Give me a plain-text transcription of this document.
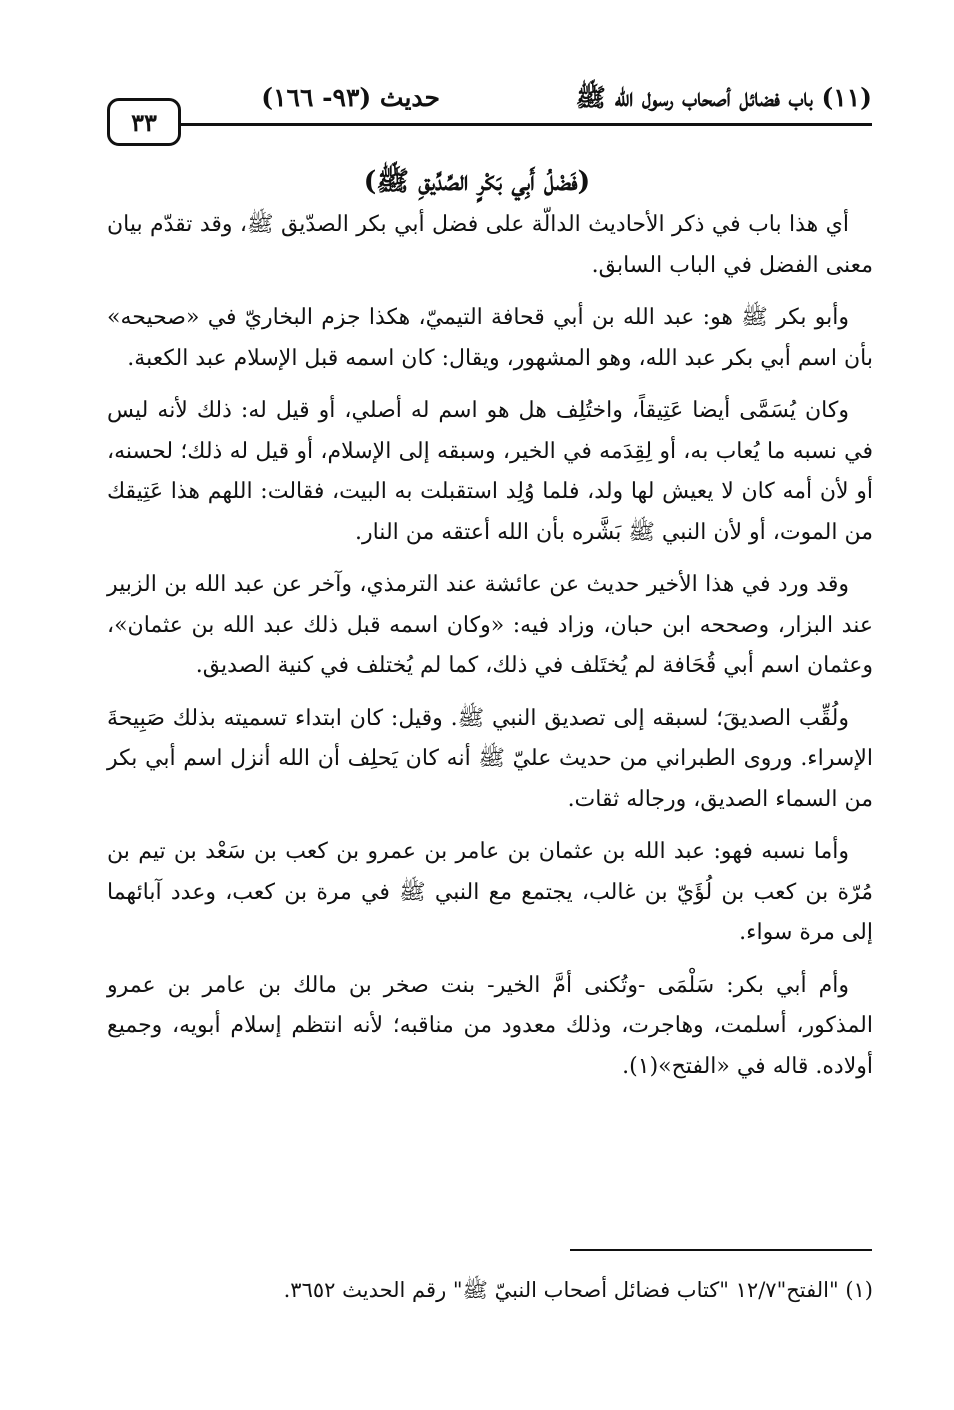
(١١) باب فضائل أصحاب رسول الله ﷺ
حديث (٩٣- ١٦٦)
٣٣
(فَضْلُ أَبِي بَكْرٍ الصِّدِّيقِ ﷺ)

أي هذا باب في ذكر الأحاديث الدالّة على فضل أبي بكر الصدّيق ﷺ، وقد تقدّم بيان معنى الفضل في الباب السابق.

وأبو بكر ﷺ هو: عبد الله بن أبي قحافة التيميّ، هكذا جزم البخاريّ في «صحيحه» بأن اسم أبي بكر عبد الله، وهو المشهور، ويقال: كان اسمه قبل الإسلام عبد الكعبة.

وكان يُسَمَّى أيضا عَتِيقاً، واختُلِف هل هو اسم له أصلي، أو قيل له: ذلك لأنه ليس في نسبه ما يُعاب به، أو لِقِدَمه في الخير، وسبقه إلى الإسلام، أو قيل له ذلك؛ لحسنه، أو لأن أمه كان لا يعيش لها ولد، فلما وُلِد استقبلت به البيت، فقالت: اللهم هذا عَتِيقك من الموت، أو لأن النبي ﷺ بَشَّره بأن الله أعتقه من النار.

وقد ورد في هذا الأخير حديث عن عائشة عند الترمذي، وآخر عن عبد الله بن الزبير عند البزار، وصححه ابن حبان، وزاد فيه: «وكان اسمه قبل ذلك عبد الله بن عثمان»، وعثمان اسم أبي قُحَافة لم يُختَلف في ذلك، كما لم يُختلف في كنية الصديق.

ولُقِّب الصديقَ؛ لسبقه إلى تصديق النبي ﷺ. وقيل: كان ابتداء تسميته بذلك صَبِيحةَ الإسراء. وروى الطبراني من حديث عليّ ﷺ أنه كان يَحلِف أن الله أنزل اسم أبي بكر من السماء الصديق، ورجاله ثقات.

وأما نسبه فهو: عبد الله بن عثمان بن عامر بن عمرو بن كعب بن سَعْد بن تيم بن مُرّة بن كعب بن لُؤَيّ بن غالب، يجتمع مع النبي ﷺ في مرة بن كعب، وعدد آبائهما إلى مرة سواء.

وأم أبي بكر: سَلْمَى -وتُكنى أمَّ الخير- بنت صخر بن مالك بن عامر بن عمرو المذكور، أسلمت، وهاجرت، وذلك معدود من مناقبه؛ لأنه انتظم إسلام أبويه، وجميع أولاده. قاله في «الفتح»(١).

(١) "الفتح"١٢/٧ "كتاب فضائل أصحاب النبيّ ﷺ" رقم الحديث ٣٦٥٢.
